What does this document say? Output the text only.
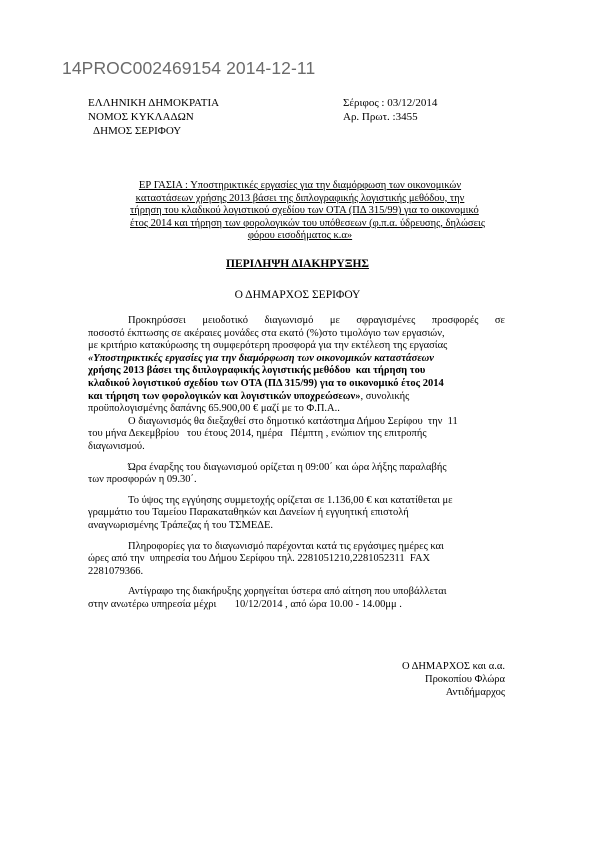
14PROC002469154 2014-12-11
ΕΛΛΗΝΙΚΗ ΔΗΜΟΚΡΑΤΙΑ
ΝΟΜΟΣ ΚΥΚΛΑΔΩΝ
ΔΗΜΟΣ ΣΕΡΙΦΟΥ
Σέριφος : 03/12/2014
Αρ. Πρωτ. :3455
ΕΡ ΓΑΣΙΑ : Υποστηρικτικές εργασίες για την διαμόρφωση των οικονομικών
καταστάσεων χρήσης 2013 βάσει της διπλογραφικής λογιστικής μεθόδου, την
τήρηση του κλαδικού λογιστικού σχεδίου των ΟΤΑ (ΠΔ 315/99) για το οικονομικό
έτος 2014 και τήρηση των φορολογικών του υπόθεσεων (φ.π.α. ύδρευσης, δηλώσεις
φόρου εισοδήματος κ.α»
ΠΕΡΙΛΗΨΗ ΔΙΑΚΗΡΥΞΗΣ
Ο ΔΗΜΑΡΧΟΣ ΣΕΡΙΦΟΥ
Προκηρύσσει μειοδοτικό διαγωνισμό με σφραγισμένες προσφορές σε
ποσοστό έκπτωσης σε ακέραιες μονάδες στα εκατό (%)στο τιμολόγιο των εργασιών,
με κριτήριο κατακύρωσης τη συμφερότερη προσφορά για την εκτέλεση της εργασίας
«Υποστηρικτικές εργασίες για την διαμόρφωση των οικονομικών καταστάσεων
χρήσης 2013 βάσει της διπλογραφικής λογιστικής μεθόδου  και τήρηση του
κλαδικού λογιστικού σχεδίου των ΟΤΑ (ΠΔ 315/99) για το οικονομικό έτος 2014
και τήρηση των φορολογικών και λογιστικών υποχρεώσεων» , συνολικής
προϋπολογισμένης δαπάνης 65.900,00 € μαζί με το Φ.Π.Α..
Ο διαγωνισμός θα διεξαχθεί στο δημοτικό κατάστημα Δήμου Σερίφου  την  11
του μήνα Δεκεμβρίου   του έτους 2014, ημέρα   Πέμπτη , ενώπιον της επιτροπής
διαγωνισμού.
Ώρα έναρξης του διαγωνισμού ορίζεται η 09:00΄ και ώρα λήξης παραλαβής
των προσφορών η 09.30΄.
Το ύψος της εγγύησης συμμετοχής ορίζεται σε 1.136,00 € και κατατίθεται με
γραμμάτιο του Ταμείου Παρακαταθηκών και Δανείων ή εγγυητική επιστολή
αναγνωρισμένης Τράπεζας ή του ΤΣΜΕΔΕ.
Πληροφορίες για το διαγωνισμό παρέχονται κατά τις εργάσιμες ημέρες και
ώρες από την  υπηρεσία του Δήμου Σερίφου τηλ. 2281051210,2281052311  FAX
2281079366.
Αντίγραφο της διακήρυξης χορηγείται ύστερα από αίτηση που υποβάλλεται
στην ανωτέρω υπηρεσία μέχρι       10/12/2014 , από ώρα 10.00 - 14.00μμ .
Ο ΔΗΜΑΡΧΟΣ και α.α.
Προκοπίου Φλώρα
Αντιδήμαρχος
